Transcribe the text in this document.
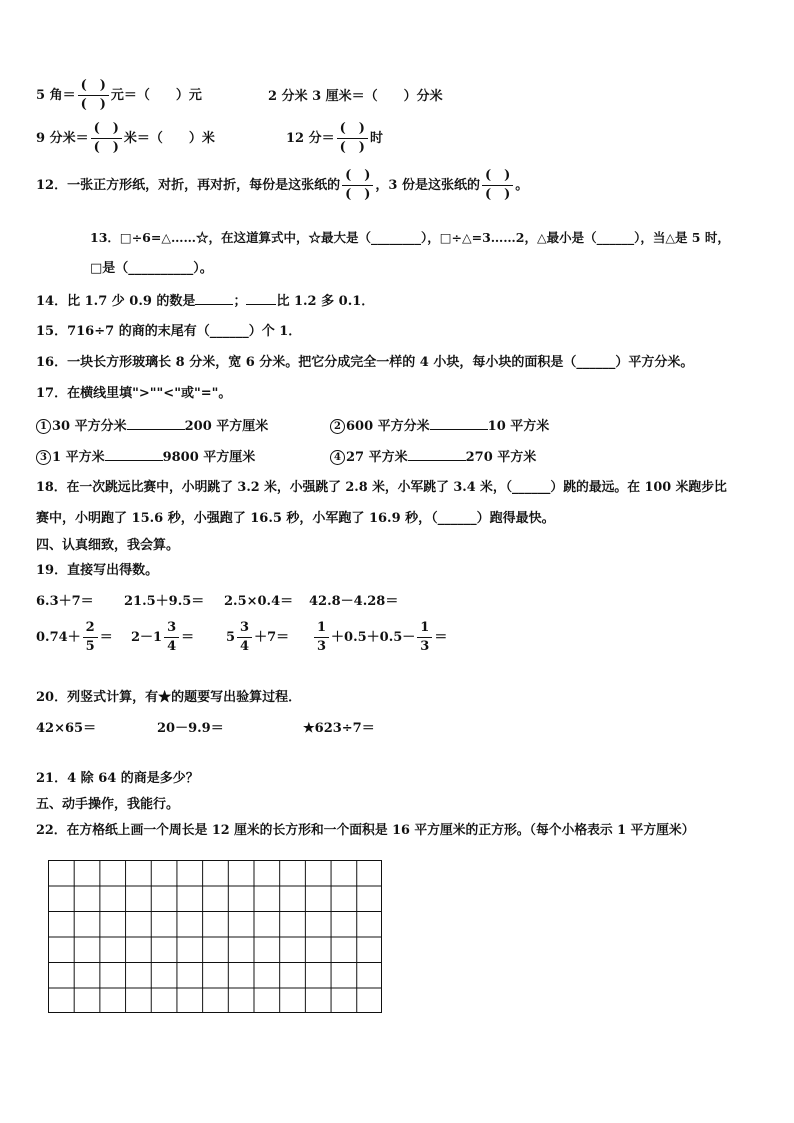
5 角＝ $\frac{( )}{( )}$ 元＝（　　）元	2 分米 3 厘米＝（　　）分米
9 分米＝ $\frac{( )}{( )}$ 米＝（　　）米	12 分＝ $\frac{( )}{( )}$ 时
12．一张正方形纸，对折，再对折，每份是这张纸的 $\frac{( )}{( )}$ ，3 份是这张纸的 $\frac{( )}{( )}$ 。
13．□÷6=△……☆，在这道算式中，☆最大是（________），□÷△=3……2，△最小是（______），当△是 5 时，
□是（__________）。
14．比 1.7 少 0.9 的数是	； 比 1.2 多 0.1．
15．716÷7 的商的末尾有（______）个 1．
16．一块长方形玻璃长 8 分米，宽 6 分米。把它分成完全一样的 4 小块，每小块的面积是（______）平方分米。
17．在横线里填">""<"或"="。
1 30 平方分米	200 平方厘米	2 600 平方分米	10 平方米
3 1 平方米	9800 平方厘米	4 27 平方米	270 平方米
18．在一次跳远比赛中，小明跳了 3.2 米，小强跳了 2.8 米，小军跳了 3.4 米，（______）跳的最远。在 100 米跑步比
赛中，小明跑了 15.6 秒，小强跑了 16.5 秒，小军跑了 16.9 秒，（______）跑得最快。
四、认真细致，我会算。
19．直接写出得数。
6.3＋7＝ 21.5＋9.5＝ 2.5×0.4＝ 42.8－4.28＝
$0.74+ \frac{2}{5} = 2-1 \frac{3}{4} = 5 \frac{3}{4} +7= \frac{1}{3} +0.5+0.5- \frac{1}{3}$ ＝
20．列竖式计算，有★的题要写出验算过程．
42×65＝	20－9.9＝	★623÷7＝
21．4 除 64 的商是多少？
五、动手操作，我能行。
22．在方格纸上画一个周长是 12 厘米的长方形和一个面积是 16 平方厘米的正方形。（每个小格表示 1 平方厘米）
